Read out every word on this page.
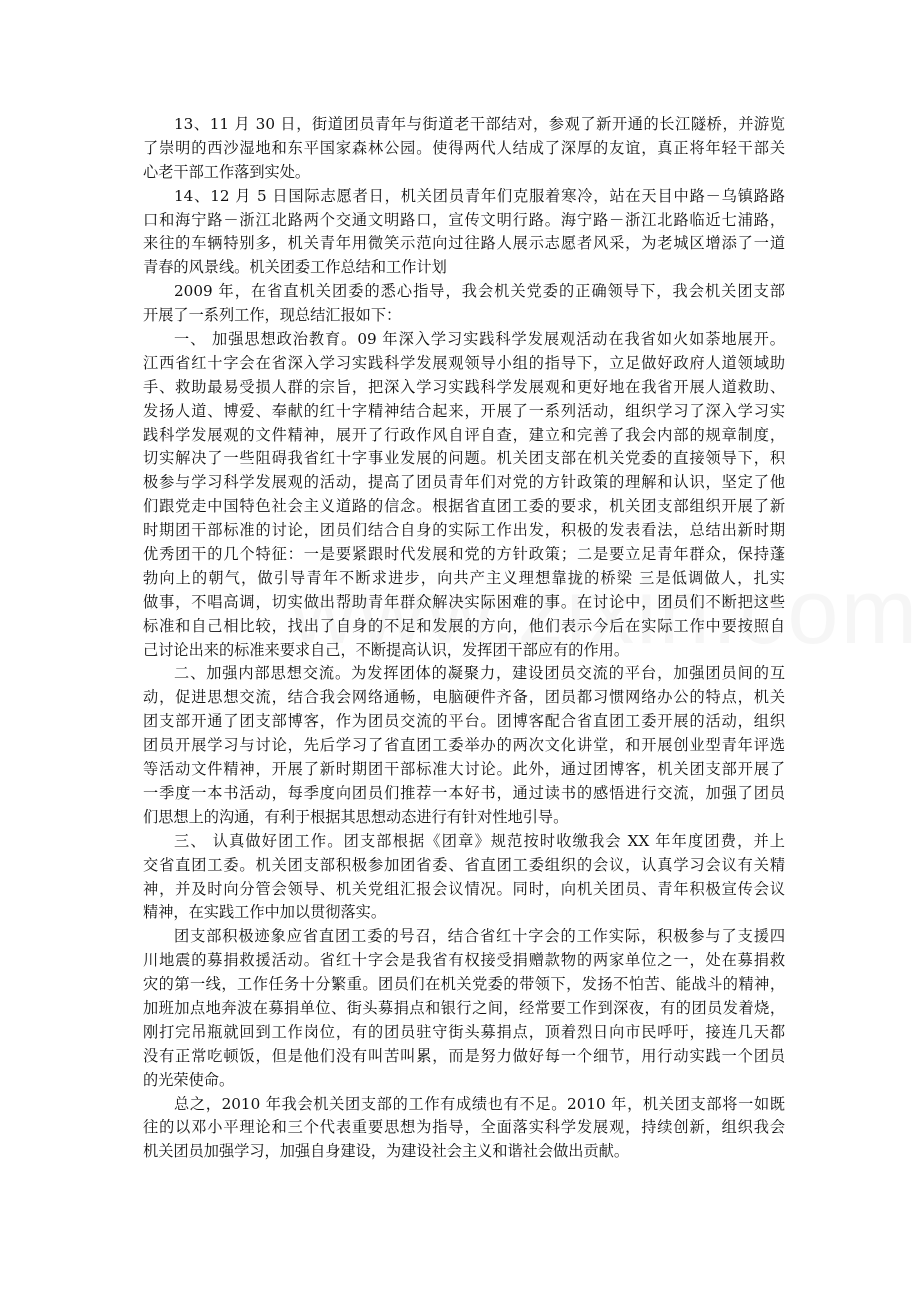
13、11 月 30 日，街道团员青年与街道老干部结对，参观了新开通的长江隧桥，并游览
了崇明的西沙湿地和东平国家森林公园。使得两代人结成了深厚的友谊，真正将年轻干部关
心老干部工作落到实处。
14、12 月 5 日国际志愿者日，机关团员青年们克服着寒冷，站在天目中路－乌镇路路
口和海宁路－浙江北路两个交通文明路口，宣传文明行路。海宁路－浙江北路临近七浦路，
来往的车辆特别多，机关青年用微笑示范向过往路人展示志愿者风采，为老城区增添了一道
青春的风景线。机关团委工作总结和工作计划
2009 年，在省直机关团委的悉心指导，我会机关党委的正确领导下，我会机关团支部
开展了一系列工作，现总结汇报如下：
一、 加强思想政治教育。09 年深入学习实践科学发展观活动在我省如火如荼地展开。
江西省红十字会在省深入学习实践科学发展观领导小组的指导下，立足做好政府人道领域助
手、救助最易受损人群的宗旨，把深入学习实践科学发展观和更好地在我省开展人道救助、
发扬人道、博爱、奉献的红十字精神结合起来，开展了一系列活动，组织学习了深入学习实
践科学发展观的文件精神，展开了行政作风自评自查，建立和完善了我会内部的规章制度，
切实解决了一些阻碍我省红十字事业发展的问题。机关团支部在机关党委的直接领导下，积
极参与学习科学发展观的活动，提高了团员青年们对党的方针政策的理解和认识，坚定了他
们跟党走中国特色社会主义道路的信念。根据省直团工委的要求，机关团支部组织开展了新
时期团干部标准的讨论，团员们结合自身的实际工作出发，积极的发表看法，总结出新时期
优秀团干的几个特征：一是要紧跟时代发展和党的方针政策；二是要立足青年群众，保持蓬
勃向上的朝气，做引导青年不断求进步，向共产主义理想靠拢的桥梁 三是低调做人，扎实
做事，不唱高调，切实做出帮助青年群众解决实际困难的事。在讨论中，团员们不断把这些
标准和自己相比较，找出了自身的不足和发展的方向，他们表示今后在实际工作中要按照自
己讨论出来的标准来要求自己，不断提高认识，发挥团干部应有的作用。
二、加强内部思想交流。为发挥团体的凝聚力，建设团员交流的平台，加强团员间的互
动，促进思想交流，结合我会网络通畅，电脑硬件齐备，团员都习惯网络办公的特点，机关
团支部开通了团支部博客，作为团员交流的平台。团博客配合省直团工委开展的活动，组织
团员开展学习与讨论，先后学习了省直团工委举办的两次文化讲堂，和开展创业型青年评选
等活动文件精神，开展了新时期团干部标准大讨论。此外，通过团博客，机关团支部开展了
一季度一本书活动，每季度向团员们推荐一本好书，通过读书的感悟进行交流，加强了团员
们思想上的沟通，有利于根据其思想动态进行有针对性地引导。
三、 认真做好团工作。团支部根据《团章》规范按时收缴我会 XX 年年度团费，并上
交省直团工委。机关团支部积极参加团省委、省直团工委组织的会议，认真学习会议有关精
神，并及时向分管会领导、机关党组汇报会议情况。同时，向机关团员、青年积极宣传会议
精神，在实践工作中加以贯彻落实。
团支部积极迹象应省直团工委的号召，结合省红十字会的工作实际，积极参与了支援四
川地震的募捐救援活动。省红十字会是我省有权接受捐赠款物的两家单位之一，处在募捐救
灾的第一线，工作任务十分繁重。团员们在机关党委的带领下，发扬不怕苦、能战斗的精神，
加班加点地奔波在募捐单位、街头募捐点和银行之间，经常要工作到深夜，有的团员发着烧，
刚打完吊瓶就回到工作岗位，有的团员驻守街头募捐点，顶着烈日向市民呼吁，接连几天都
没有正常吃顿饭，但是他们没有叫苦叫累，而是努力做好每一个细节，用行动实践一个团员
的光荣使命。
总之，2010 年我会机关团支部的工作有成绩也有不足。2010 年，机关团支部将一如既
往的以邓小平理论和三个代表重要思想为指导，全面落实科学发展观，持续创新，组织我会
机关团员加强学习，加强自身建设，为建设社会主义和谐社会做出贡献。
